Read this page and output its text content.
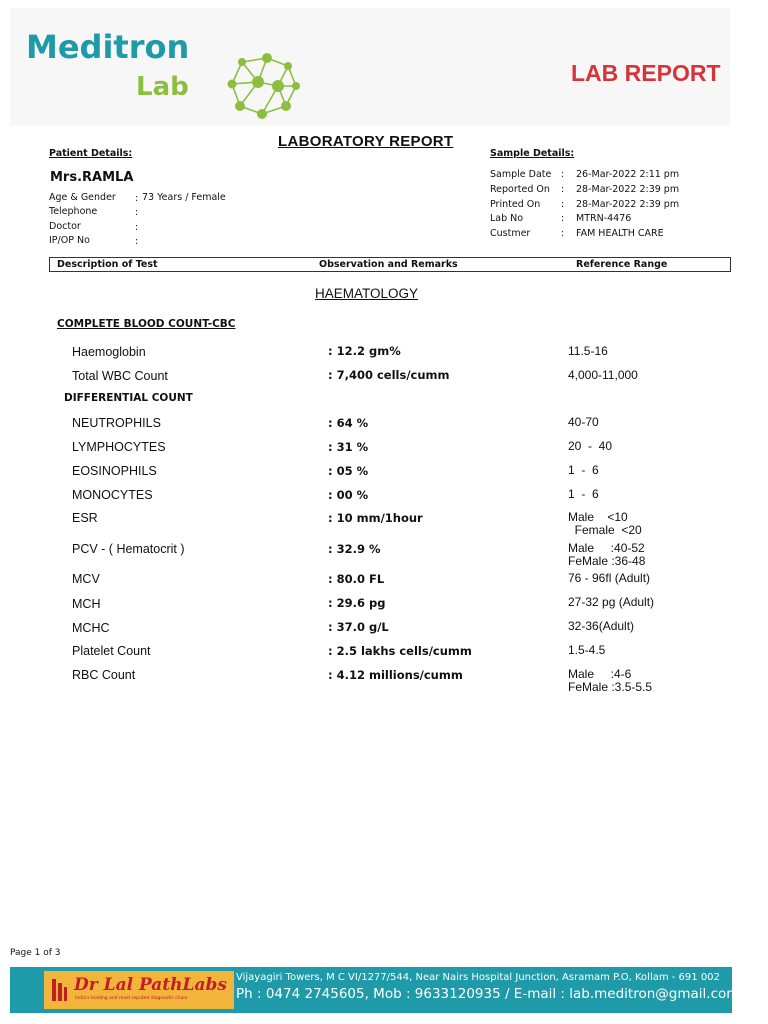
Meditron
Lab	LAB REPORT
LABORATORY REPORT
Patient Details:
Mrs.RAMLA
Age & Gender : 73 Years / Female
Telephone	:
Doctor	:
IP/OP No	:
Sample Details:
Sample Date : 26-Mar-2022 2:11 pm
Reported On : 28-Mar-2022 2:39 pm
Printed On : 28-Mar-2022 2:39 pm
Lab No	: MTRN-4476
Custmer	: FAM HEALTH CARE
Description of Test	Observation and Remarks	Reference Range
HAEMATOLOGY
COMPLETE BLOOD COUNT-CBC
DIFFERENTIAL COUNT
Haemoglobin	: 12.2 gm%	11.5-16
Total WBC Count	: 7,400 cells/cumm	4,000-11,000
NEUTROPHILS	: 64 %	40-70
LYMPHOCYTES	: 31 %	20  -  40
EOSINOPHILS	: 05 %	1  -  6
MONOCYTES	: 00 %	1  -  6
ESR	: 10 mm/1hour	Male    <10
Female  <20
PCV - ( Hematocrit )	: 32.9 %	Male     :40-52
FeMale :36-48
MCV	: 80.0 FL	76 - 96fl (Adult)
MCH	: 29.6 pg	27-32 pg (Adult)
MCHC	: 37.0 g/L	32-36(Adult)
Platelet Count	: 2.5 lakhs cells/cumm	1.5-4.5
RBC Count	: 4.12 millions/cumm	Male     :4-6
FeMale :3.5-5.5
Page 1 of 3
Dr Lal PathLabs
India's leading and most reputed diagnostic chain
Vijayagiri Towers, M C VI/1277/544, Near Nairs Hospital Junction, Asramam P.O, Kollam - 691 002
Ph : 0474 2745605, Mob : 9633120935 / E-mail : lab.meditron@gmail.com
